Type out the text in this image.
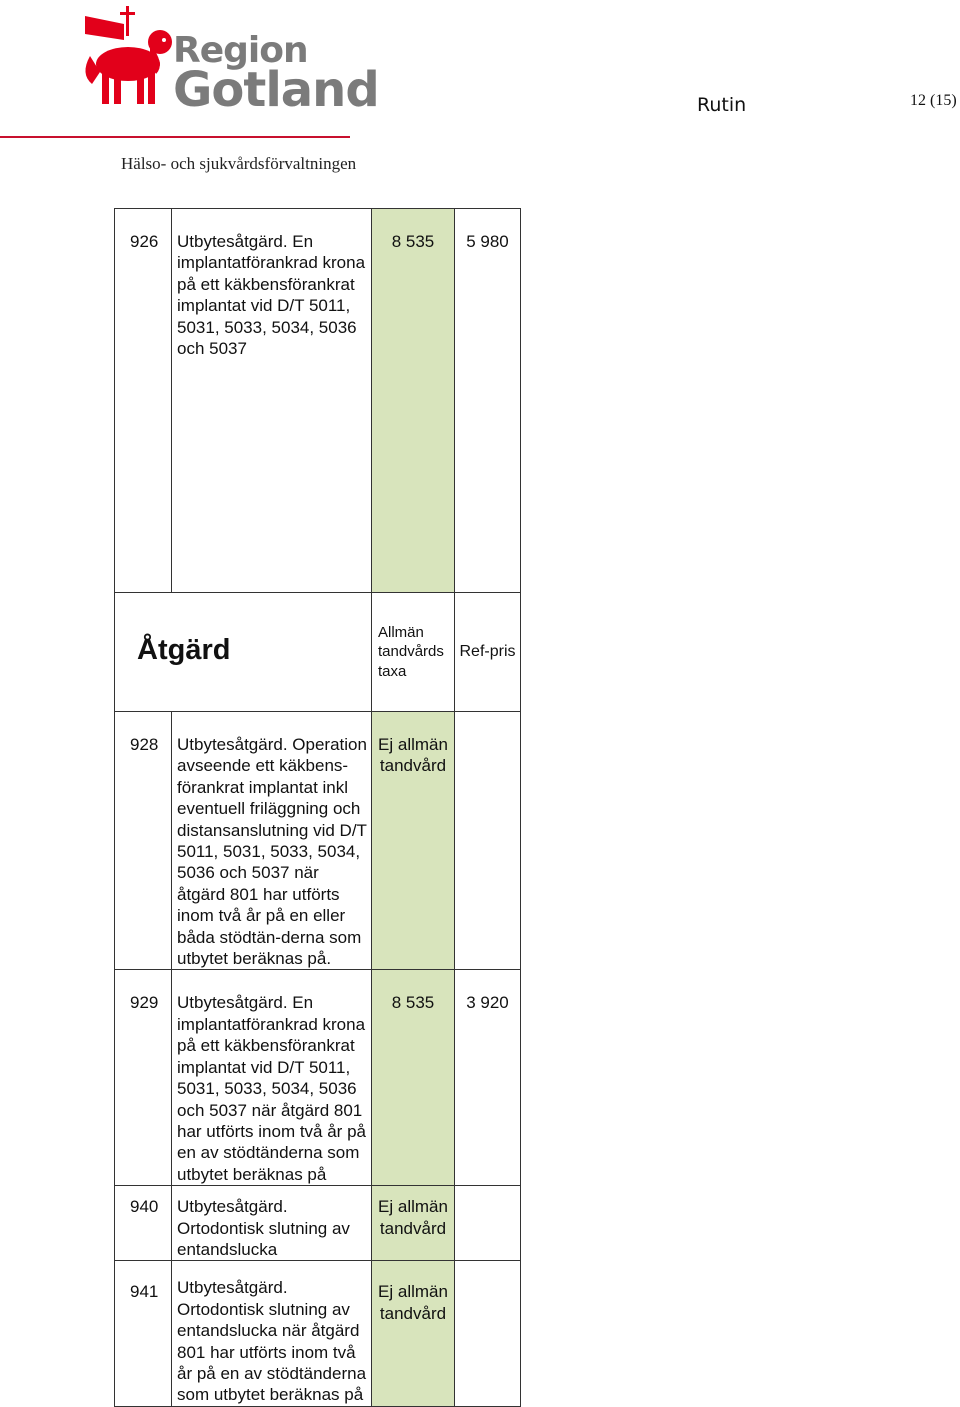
Region
Gotland	Rutin	12 (15)
Hälso- och sjukvårdsförvaltningen
926	Utbytesåtgärd. En implantatförankrad krona på ett käkbensförankrat implantat vid D/T 5011, 5031, 5033, 5034, 5036 och 5037	8 535	5 980
Åtgärd		Allmän tandvårds taxa	Ref-pris

928	Utbytesåtgärd. Operation avseende ett käkbens-förankrat implantat inkl eventuell friläggning och distansanslutning vid D/T 5011, 5031, 5033, 5034, 5036 och 5037 när åtgärd 801 har utförts inom två år på en eller båda stödtän-derna som utbytet beräknas på.	Ej allmän tandvård	
929	Utbytesåtgärd. En implantatförankrad krona på ett käkbensförankrat implantat vid D/T 5011, 5031, 5033, 5034, 5036 och 5037 när åtgärd 801 har utförts inom två år på en av stödtänderna som utbytet beräknas på	8 535	3 920
940	Utbytesåtgärd. Ortodontisk slutning av entandslucka	Ej allmän tandvård	
941	Utbytesåtgärd. Ortodontisk slutning av entandslucka när åtgärd 801 har utförts inom två år på en av stödtänderna som utbytet beräknas på	Ej allmän tandvård	
